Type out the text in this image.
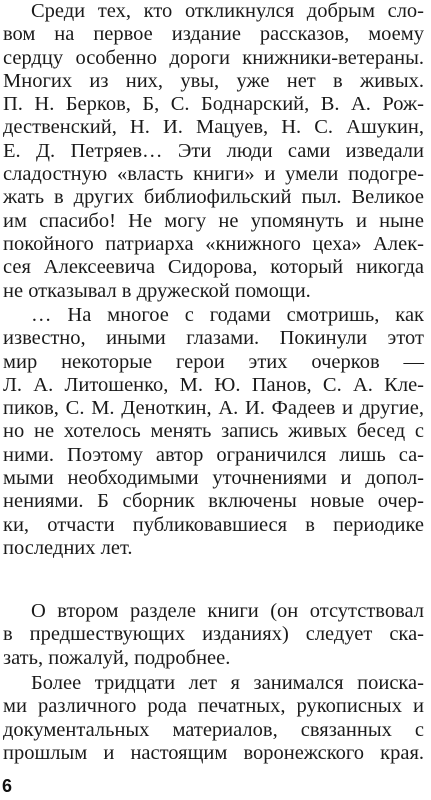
Среди тех, кто откликнулся добрым сло-
вом на первое издание рассказов, моему
сердцу особенно дороги книжники-ветераны.
Многих из них, увы, уже нет в живых.
П. Н. Берков, Б, С. Боднарский, В. А. Рож-
дественский, Н. И. Мацуев, Н. С. Ашукин,
Е. Д. Петряев… Эти люди сами изведали
сладостную «власть книги» и умели подогре-
жать в других библиофильский пыл. Великое
им спасибо! Не могу не упомянуть и ныне
покойного патриарха «книжного цеха» Алек-
сея Алексеевича Сидорова, который никогда
не отказывал в дружеской помощи.
… На многое с годами смотришь, как
известно, иными глазами. Покинули этот
мир некоторые герои этих очерков —
Л. А. Литошенко, М. Ю. Панов, С. А. Кле-
пиков, С. М. Деноткин, А. И. Фадеев и другие,
но не хотелось менять запись живых бесед с
ними. Поэтому автор ограничился лишь са-
мыми необходимыми уточнениями и допол-
нениями. Б сборник включены новые очер-
ки, отчасти публиковавшиеся в периодике
последних лет.
О втором разделе книги (он отсутствовал
в предшествующих изданиях) следует ска-
зать, пожалуй, подробнее.
Более тридцати лет я занимался поиска-
ми различного рода печатных, рукописных и
документальных материалов, связанных с
прошлым и настоящим воронежского края.
6
